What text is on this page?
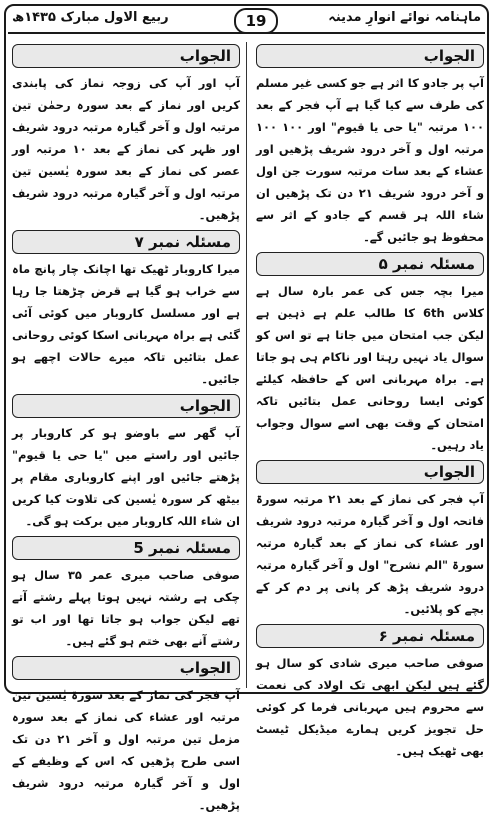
ماہنامہ نوائے انوارِ مدینہ
19
ربیع الاول مبارک ۱۴۳۵ھ
الجواب
آپ پر جادو کا اثر ہے جو کسی غیر مسلم کی طرف سے کیا گیا ہے آپ فجر کے بعد ۱۰۰ مرتبہ "یا حی یا قیوم" اور ۱۰۰ ۱۰۰ مرتبہ اول و آخر درود شریف پڑھیں اور عشاء کے بعد سات مرتبہ سورت جن اول و آخر درود شریف ۲۱ دن تک پڑھیں ان شاء اللہ ہر قسم کے جادو کے اثر سے محفوظ ہو جائیں گے۔
مسئلہ نمبر ۵
میرا بچہ جس کی عمر بارہ سال ہے کلاس 6th کا طالب علم ہے ذہین ہے لیکن جب امتحان میں جاتا ہے تو اس کو سوال یاد نہیں رہتا اور ناکام ہی ہو جاتا ہے۔ براہ مہربانی اس کے حافظہ کیلئے کوئی ایسا روحانی عمل بتائیں تاکہ امتحان کے وقت بھی اسے سوال وجواب یاد رہیں۔
الجواب
آپ فجر کی نماز کے بعد ۲۱ مرتبہ سورۃ فاتحہ اول و آخر گیارہ مرتبہ درود شریف اور عشاء کی نماز کے بعد گیارہ مرتبہ سورۃ "الم نشرح" اول و آخر گیارہ مرتبہ درود شریف پڑھ کر پانی پر دم کر کے بچے کو پلائیں۔
مسئلہ نمبر ۶
صوفی صاحب میری شادی کو سال ہو گئے ہیں لیکن ابھی تک اولاد کی نعمت سے محروم ہیں مہربانی فرما کر کوئی حل تجویز کریں ہمارے میڈیکل ٹیسٹ بھی ٹھیک ہیں۔
الجواب
آپ اور آپ کی زوجہ نماز کی پابندی کریں اور نماز کے بعد سورہ رحمٰن تین مرتبہ اول و آخر گیارہ مرتبہ درود شریف اور ظہر کی نماز کے بعد ۱۰ مرتبہ اور عصر کی نماز کے بعد سورہ یٰسین تین مرتبہ اول و آخر گیارہ مرتبہ درود شریف پڑھیں۔
مسئلہ نمبر ۷
میرا کاروبار ٹھیک تھا اچانک چار پانچ ماہ سے خراب ہو گیا ہے قرض چڑھتا جا رہا ہے اور مسلسل کاروبار میں کوئی آئی گئی ہے براہ مہربانی اسکا کوئی روحانی عمل بتائیں تاکہ میرے حالات اچھے ہو جائیں۔
الجواب
آپ گھر سے باوضو ہو کر کاروبار پر جائیں اور راستے میں "یا حی یا قیوم" پڑھتے جائیں اور اپنے کاروباری مقام پر بیٹھ کر سورہ یٰسین کی تلاوت کیا کریں ان شاء اللہ کاروبار میں برکت ہو گی۔
مسئلہ نمبر 5
صوفی صاحب میری عمر ۳۵ سال ہو چکی ہے رشتہ نہیں ہوتا پہلے رشتے آتے تھے لیکن جواب ہو جاتا تھا اور اب تو رشتے آنے بھی ختم ہو گئے ہیں۔
الجواب
آپ فجر کی نماز کے بعد سورۃ یٰسین تین مرتبہ اور عشاء کی نماز کے بعد سورہ مزمل تین مرتبہ اول و آخر ۲۱ دن تک اسی طرح پڑھیں کہ اس کے وظیفے کے اول و آخر گیارہ مرتبہ درود شریف پڑھیں۔
